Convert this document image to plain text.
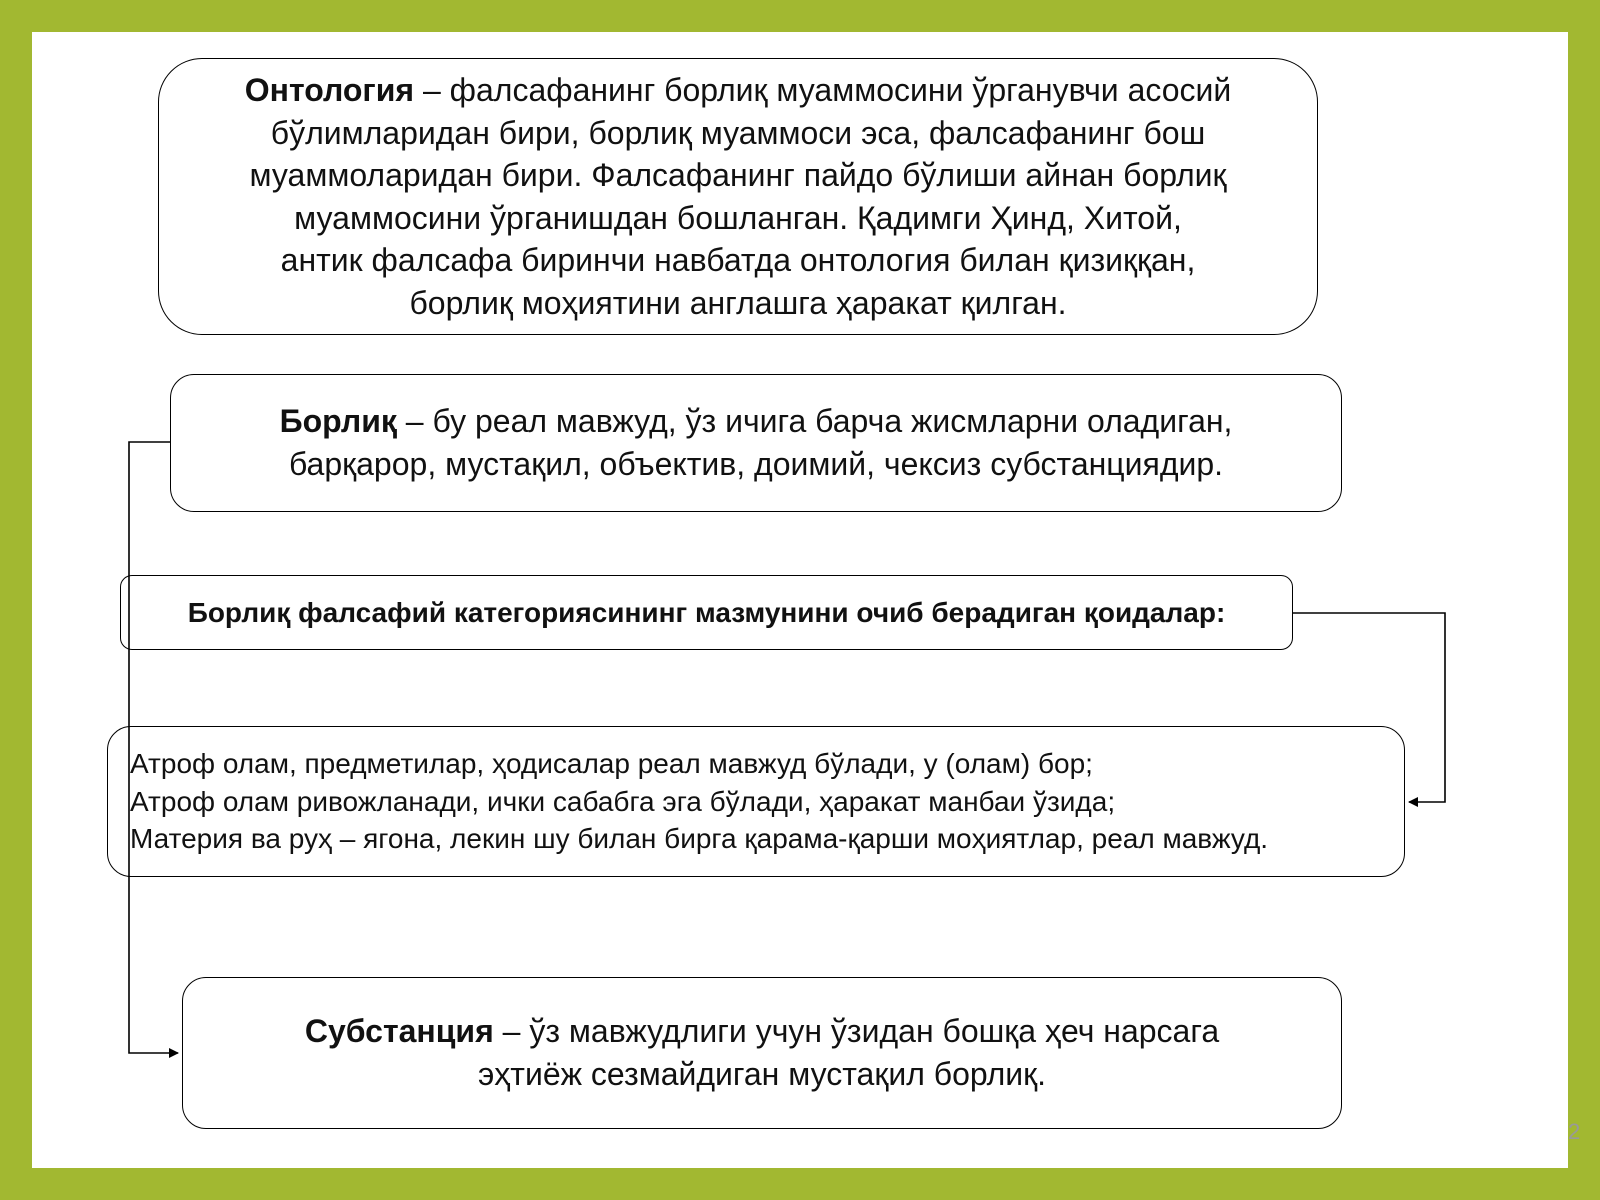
Онтология – фалсафанинг борлиқ муаммосини ўрганувчи асосий
бўлимларидан бири, борлиқ муаммоси эса, фалсафанинг бош
муаммоларидан бири. Фалсафанинг пайдо бўлиши айнан борлиқ
муаммосини ўрганишдан бошланган. Қадимги Ҳинд, Хитой,
антик фалсафа биринчи навбатда онтология билан қизиққан,
борлиқ моҳиятини англашга ҳаракат қилган.
Борлиқ – бу реал мавжуд, ўз ичига барча жисмларни оладиган,
барқарор, мустақил, объектив, доимий, чексиз субстанциядир.
Борлиқ фалсафий категориясининг мазмунини очиб берадиган қоидалар:
Атроф олам, предметилар, ҳодисалар реал мавжуд бўлади, у (олам) бор;
Атроф олам ривожланади, ички сабабга эга бўлади, ҳаракат манбаи ўзида;
Материя ва руҳ – ягона, лекин шу билан бирга қарама-қарши моҳиятлар, реал мавжуд.
Субстанция – ўз мавжудлиги учун ўзидан бошқа ҳеч нарсага
эҳтиёж сезмайдиган мустақил борлиқ.
2
